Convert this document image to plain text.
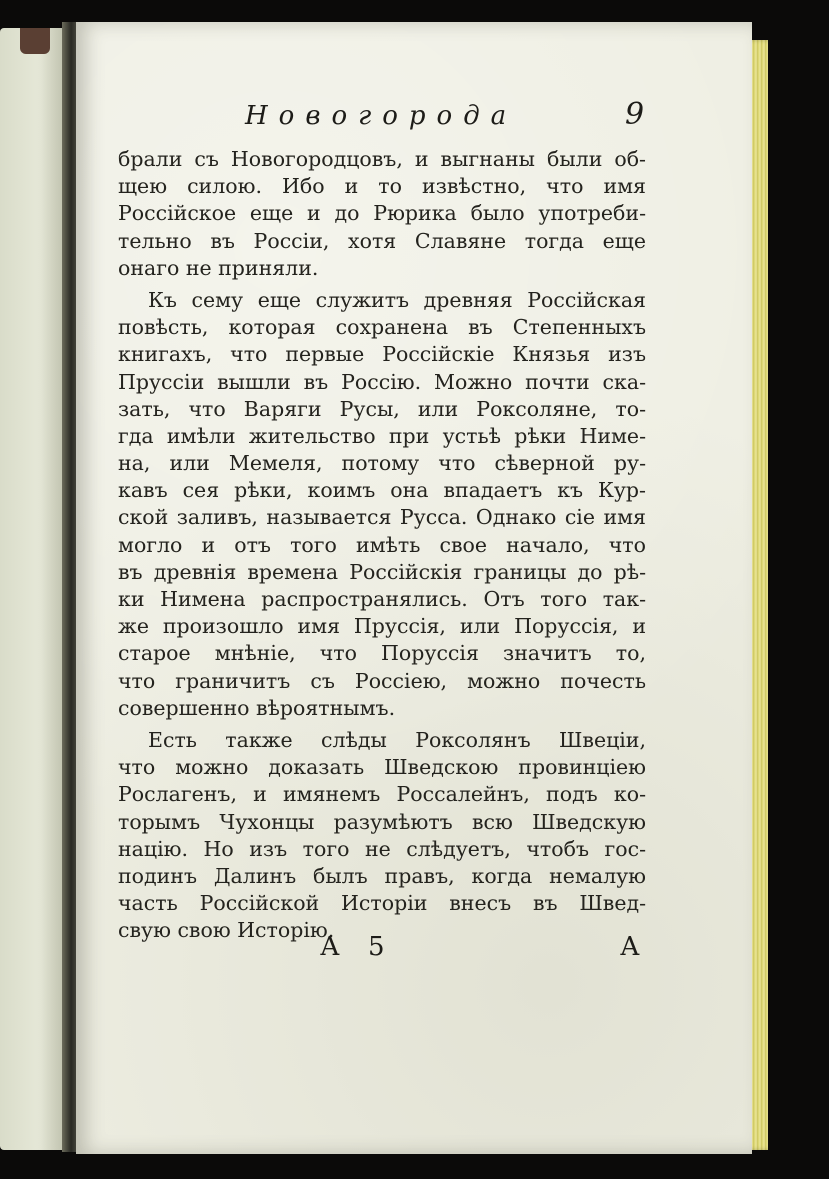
Новогорода	9
брали съ Новогородцовъ, и выгнаны были об-
щею силою. Ибо и то извѣстно, что имя
Россійское еще и до Рюрика было употреби-
тельно въ Россіи, хотя Славяне тогда еще
онаго не приняли.
Къ сему еще служитъ древняя Россійская
повѣсть, которая сохранена въ Степенныхъ
книгахъ, что первые Россійскіе Князья изъ
Пруссіи вышли въ Россію. Можно почти ска-
зать, что Варяги Русы, или Роксоляне, то-
гда имѣли жительство при устьѣ рѣки Ниме-
на, или Мемеля, потому что сѣверной ру-
кавъ сея рѣки, коимъ она впадаетъ къ Кур-
ской заливъ, называется Русса. Однако сіе имя
могло и отъ того имѣть свое начало, что
въ древнія времена Россійскія границы до рѣ-
ки Нимена распространялись. Отъ того так-
же произошло имя Пруссія, или Поруссія, и
старое мнѣніе, что Поруссія значитъ то,
что граничитъ съ Россіею, можно почесть
совершенно вѣроятнымъ.
Есть также слѣды Роксолянъ Швеціи,
что можно доказать Шведскою провинціею
Рослагенъ, и имянемъ Россалейнъ, подъ ко-
торымъ Чухонцы разумѣютъ всю Шведскую
націю. Но изъ того не слѣдуетъ, чтобъ гос-
подинъ Далинъ былъ правъ, когда немалую
часть Россійской Исторіи внесъ въ Швед-
свую свою Исторію.
А 5	А
